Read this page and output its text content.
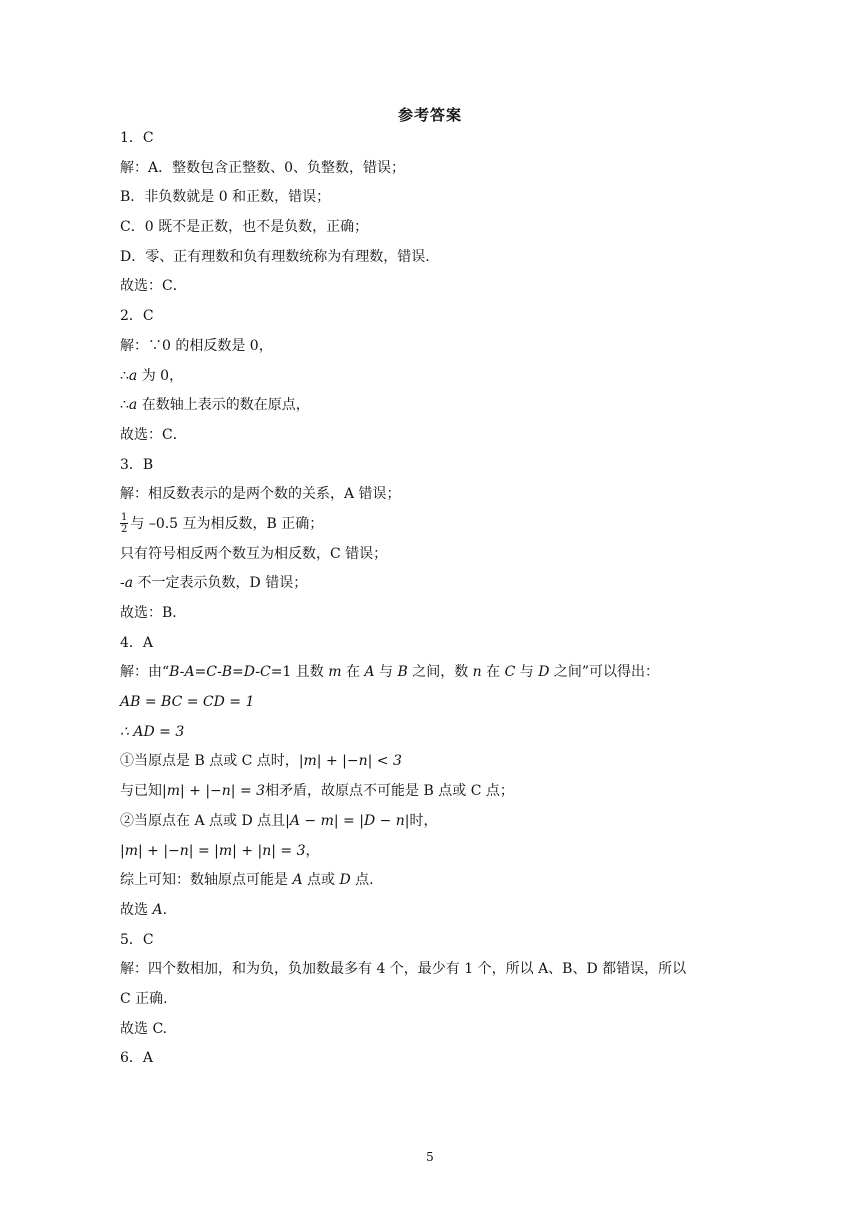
参考答案
1．C
解：A．整数包含正整数、0、负整数，错误；
B．非负数就是 0 和正数，错误；
C．0 既不是正数，也不是负数，正确；
D．零、正有理数和负有理数统称为有理数，错误.
故选：C．
2．C
解：∵0 的相反数是 0，
∴a 为 0，
∴a 在数轴上表示的数在原点，
故选：C．
3．B
解：相反数表示的是两个数的关系，A 错误；
$\frac{1}{2}$ 与 –0.5 互为相反数，B 正确；
只有符号相反两个数互为相反数，C 错误；
-a 不一定表示负数，D 错误；
故选：B．
4．A
解：由“B-A=C-B=D-C=1 且数 m 在 A 与 B 之间，数 n 在 C 与 D 之间”可以得出：
AB = BC = CD = 1
∴ AD = 3
①当原点是 B 点或 C 点时，|m| + |−n| < 3
与已知|m| + |−n| = 3相矛盾，故原点不可能是 B 点或 C 点；
②当原点在 A 点或 D 点且|A − m| = |D − n|时，
|m| + |−n| = |m| + |n| = 3，
综上可知：数轴原点可能是 A 点或 D 点.
故选 A.
5．C
解：四个数相加，和为负，负加数最多有 4 个，最少有 1 个，所以 A、B、D 都错误，所以
C 正确.
故选 C.
6．A
5
